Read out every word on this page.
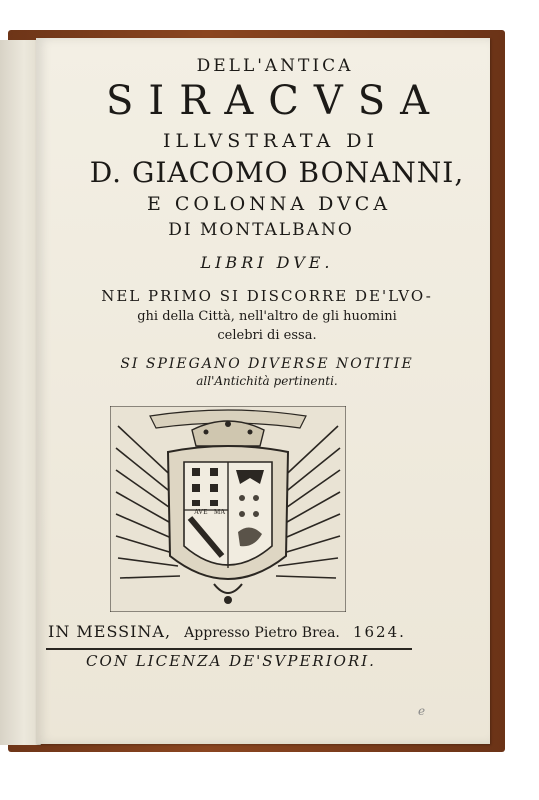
DELL'ANTICA
SIRACVSA
ILLVSTRATA DI
D. GIACOMO BONANNI,
E COLONNA DVCA
DI MONTALBANO
LIBRI DVE.
NEL PRIMO SI DISCORRE DE'LVO-
ghi della Città, nell'altro de gli huomini
celebri di essa.
SI SPIEGANO DIVERSE NOTITIE
all'Antichità pertinenti.
AVE MA
IN MESSINA, Appresso Pietro Brea. 1624.
CON LICENZA DE'SVPERIORI.
e
